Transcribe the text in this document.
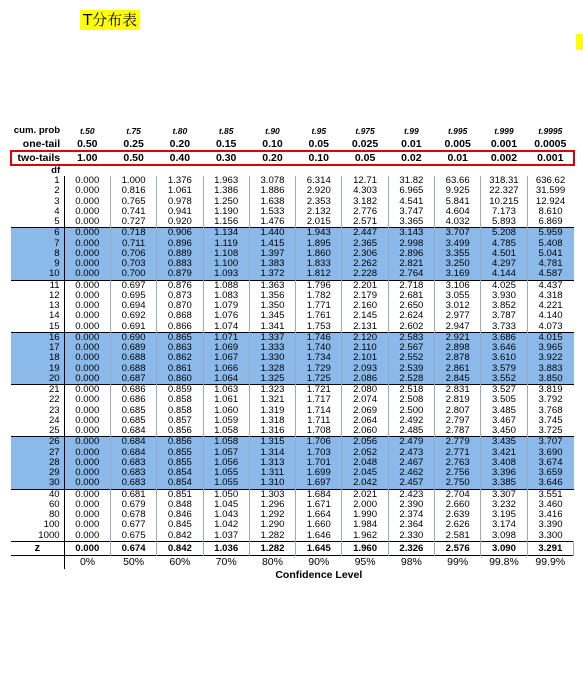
T分布表
cum. prob	t.50	t.75	t.80	t.85	t.90	t.95	t.975	t.99	t.995	t.999	t.9995
one-tail	0.50	0.25	0.20	0.15	0.10	0.05	0.025	0.01	0.005	0.001	0.0005
two-tails	1.00	0.50	0.40	0.30	0.20	0.10	0.05	0.02	0.01	0.002	0.001
df											
1	0.000	1.000	1.376	1.963	3.078	6.314	12.71	31.82	63.66	318.31	636.62
2	0.000	0.816	1.061	1.386	1.886	2.920	4.303	6.965	9.925	22.327	31.599
3	0.000	0.765	0.978	1.250	1.638	2.353	3.182	4.541	5.841	10.215	12.924
4	0.000	0.741	0.941	1.190	1.533	2.132	2.776	3.747	4.604	7.173	8.610
5	0.000	0.727	0.920	1.156	1.476	2.015	2.571	3.365	4.032	5.893	6.869
6	0.000	0.718	0.906	1.134	1.440	1.943	2.447	3.143	3.707	5.208	5.959
7	0.000	0.711	0.896	1.119	1.415	1.895	2.365	2.998	3.499	4.785	5.408
8	0.000	0.706	0.889	1.108	1.397	1.860	2.306	2.896	3.355	4.501	5.041
9	0.000	0.703	0.883	1.100	1.383	1.833	2.262	2.821	3.250	4.297	4.781
10	0.000	0.700	0.879	1.093	1.372	1.812	2.228	2.764	3.169	4.144	4.587
11	0.000	0.697	0.876	1.088	1.363	1.796	2.201	2.718	3.106	4.025	4.437
12	0.000	0.695	0.873	1.083	1.356	1.782	2.179	2.681	3.055	3.930	4.318
13	0.000	0.694	0.870	1.079	1.350	1.771	2.160	2.650	3.012	3.852	4.221
14	0.000	0.692	0.868	1.076	1.345	1.761	2.145	2.624	2.977	3.787	4.140
15	0.000	0.691	0.866	1.074	1.341	1.753	2.131	2.602	2.947	3.733	4.073
16	0.000	0.690	0.865	1.071	1.337	1.746	2.120	2.583	2.921	3.686	4.015
17	0.000	0.689	0.863	1.069	1.333	1.740	2.110	2.567	2.898	3.646	3.965
18	0.000	0.688	0.862	1.067	1.330	1.734	2.101	2.552	2.878	3.610	3.922
19	0.000	0.688	0.861	1.066	1.328	1.729	2.093	2.539	2.861	3.579	3.883
20	0.000	0.687	0.860	1.064	1.325	1.725	2.086	2.528	2.845	3.552	3.850
21	0.000	0.686	0.859	1.063	1.323	1.721	2.080	2.518	2.831	3.527	3.819
22	0.000	0.686	0.858	1.061	1.321	1.717	2.074	2.508	2.819	3.505	3.792
23	0.000	0.685	0.858	1.060	1.319	1.714	2.069	2.500	2.807	3.485	3.768
24	0.000	0.685	0.857	1.059	1.318	1.711	2.064	2.492	2.797	3.467	3.745
25	0.000	0.684	0.856	1.058	1.316	1.708	2.060	2.485	2.787	3.450	3.725
26	0.000	0.684	0.856	1.058	1.315	1.706	2.056	2.479	2.779	3.435	3.707
27	0.000	0.684	0.855	1.057	1.314	1.703	2.052	2.473	2.771	3.421	3.690
28	0.000	0.683	0.855	1.056	1.313	1.701	2.048	2.467	2.763	3.408	3.674
29	0.000	0.683	0.854	1.055	1.311	1.699	2.045	2.462	2.756	3.396	3.659
30	0.000	0.683	0.854	1.055	1.310	1.697	2.042	2.457	2.750	3.385	3.646
40	0.000	0.681	0.851	1.050	1.303	1.684	2.021	2.423	2.704	3.307	3.551
60	0.000	0.679	0.848	1.045	1.296	1.671	2.000	2.390	2.660	3.232	3.460
80	0.000	0.678	0.846	1.043	1.292	1.664	1.990	2.374	2.639	3.195	3.416
100	0.000	0.677	0.845	1.042	1.290	1.660	1.984	2.364	2.626	3.174	3.390
1000	0.000	0.675	0.842	1.037	1.282	1.646	1.962	2.330	2.581	3.098	3.300
z	0.000	0.674	0.842	1.036	1.282	1.645	1.960	2.326	2.576	3.090	3.291
	0%	50%	60%	70%	80%	90%	95%	98%	99%	99.8%	99.9%
	Confidence Level										
